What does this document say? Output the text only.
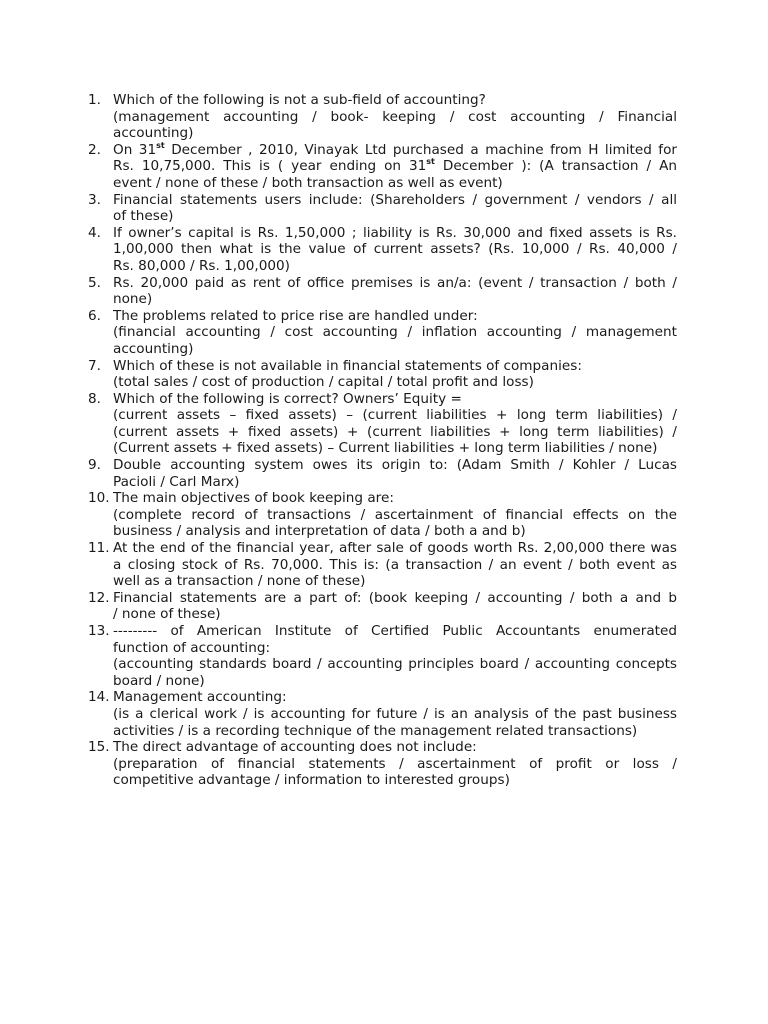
1. Which of the following is not a sub-field of accounting?
(management accounting / book- keeping / cost accounting / Financial
accounting)
2. On 31st December , 2010, Vinayak Ltd purchased a machine from H limited for
Rs. 10,75,000. This is ( year ending on 31st December ): (A transaction / An
event / none of these / both transaction as well as event)
3. Financial statements users include: (Shareholders / government / vendors / all
of these)
4. If owner’s capital is Rs. 1,50,000 ; liability is Rs. 30,000 and fixed assets is Rs.
1,00,000 then what is the value of current assets? (Rs. 10,000 / Rs. 40,000 /
Rs. 80,000 / Rs. 1,00,000)
5. Rs. 20,000 paid as rent of office premises is an/a: (event / transaction / both /
none)
6. The problems related to price rise are handled under:
(financial accounting / cost accounting / inflation accounting / management
accounting)
7. Which of these is not available in financial statements of companies:
(total sales / cost of production / capital / total profit and loss)
8. Which of the following is correct? Owners’ Equity =
(current assets – fixed assets) – (current liabilities + long term liabilities) /
(current assets + fixed assets) + (current liabilities + long term liabilities) /
(Current assets + fixed assets) – Current liabilities + long term liabilities / none)
9. Double accounting system owes its origin to: (Adam Smith / Kohler / Lucas
Pacioli / Carl Marx)
10. The main objectives of book keeping are:
(complete record of transactions / ascertainment of financial effects on the
business / analysis and interpretation of data / both a and b)
11. At the end of the financial year, after sale of goods worth Rs. 2,00,000 there was
a closing stock of Rs. 70,000. This is: (a transaction / an event / both event as
well as a transaction / none of these)
12. Financial statements are a part of: (book keeping / accounting / both a and b
/ none of these)
13. --------- of American Institute of Certified Public Accountants enumerated
function of accounting:
(accounting standards board / accounting principles board / accounting concepts
board / none)
14. Management accounting:
(is a clerical work / is accounting for future / is an analysis of the past business
activities / is a recording technique of the management related transactions)
15. The direct advantage of accounting does not include:
(preparation of financial statements / ascertainment of profit or loss /
competitive advantage / information to interested groups)
